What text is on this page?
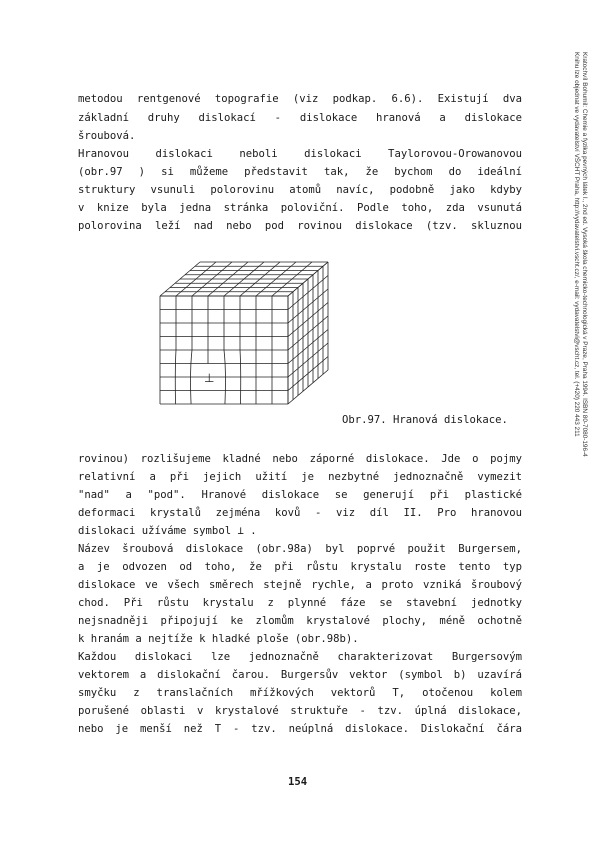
metodou rentgenové topografie (viz podkap. 6.6). Existují dva
základní druhy dislokací - dislokace hranová a dislokace
šroubová.
Hranovou dislokaci neboli dislokaci Taylorovou-Orowanovou
(obr.97 ) si můžeme představit tak, že bychom do ideální
struktury vsunuli polorovinu atomů navíc, podobně jako kdyby
v knize byla jedna stránka poloviční. Podle toho, zda vsunutá
polorovina leží nad nebo pod rovinou dislokace (tzv. skluznou
⊥
Obr.97. Hranová dislokace.
rovinou) rozlišujeme kladné nebo záporné dislokace. Jde o pojmy
relativní a při jejich užití je nezbytné jednoznačně vymezit
"nad" a "pod". Hranové dislokace se generují při plastické
deformaci krystalů zejména kovů - viz díl II. Pro hranovou
dislokaci užíváme symbol ⊥ .
Název šroubová dislokace (obr.98a) byl poprvé použit Burgersem,
a je odvozen od toho, že při růstu krystalu roste tento typ
dislokace ve všech směrech stejně rychle, a proto vzniká šroubový
chod. Při růstu krystalu z plynné fáze se stavební jednotky
nejsnadněji připojují ke zlomům krystalové plochy, méně ochotně
k hranám a nejtíže k hladké ploše (obr.98b).
Každou dislokaci lze jednoznačně charakterizovat Burgersovým
vektorem a dislokační čarou. Burgersův vektor (symbol b) uzavírá
smyčku z translačních mřížkových vektorů T, otočenou kolem
porušené oblasti v krystalové struktuře - tzv. úplná dislokace,
nebo je menší než T - tzv. neúplná dislokace. Dislokační čára
154
Kratochvíl Bohumil: Chemie a fyzika pevných látek I., 2nd ed. Vysoká škola chemicko-technologická v Praze, Praha 1994. ISBN 80-7080-196-4
Knihu lze objednat ve vydavatelství VŠCHT Praha, http://vydavatelstvi.vscht.cz/, e-mail: vydavatelstvi@vscht.cz, tel. (+420) 220 443 211
